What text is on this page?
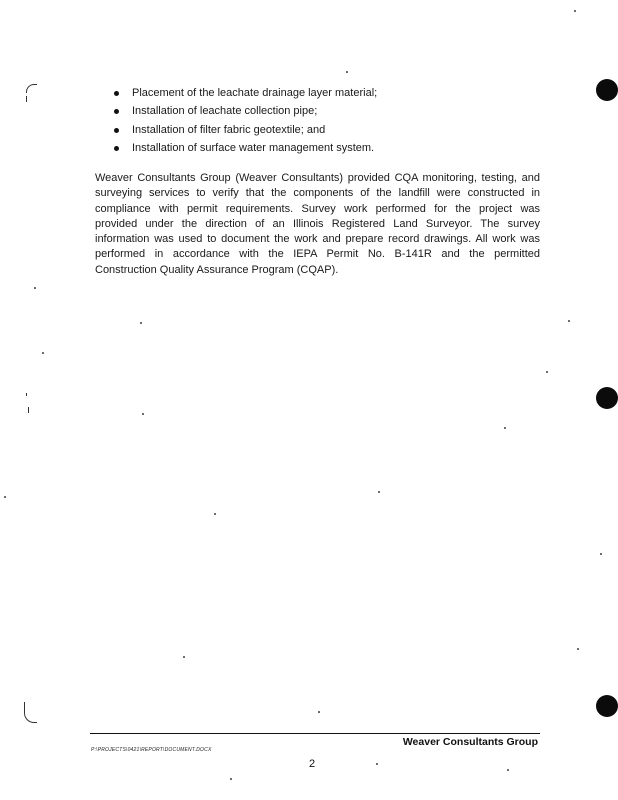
Placement of the leachate drainage layer material;
Installation of leachate collection pipe;
Installation of filter fabric geotextile; and
Installation of surface water management system.

Weaver Consultants Group (Weaver Consultants) provided CQA monitoring, testing, and
surveying services to verify that the components of the landfill were constructed in
compliance with permit requirements. Survey work performed for the project was
provided under the direction of an Illinois Registered Land Surveyor. The survey
information was used to document the work and prepare record drawings. All work was
performed in accordance with the IEPA Permit No. B-141R and the permitted
Construction Quality Assurance Program (CQAP).

Weaver Consultants Group
P:\PROJECTS\0421\REPORT\DOCUMENT.DOCX
2
